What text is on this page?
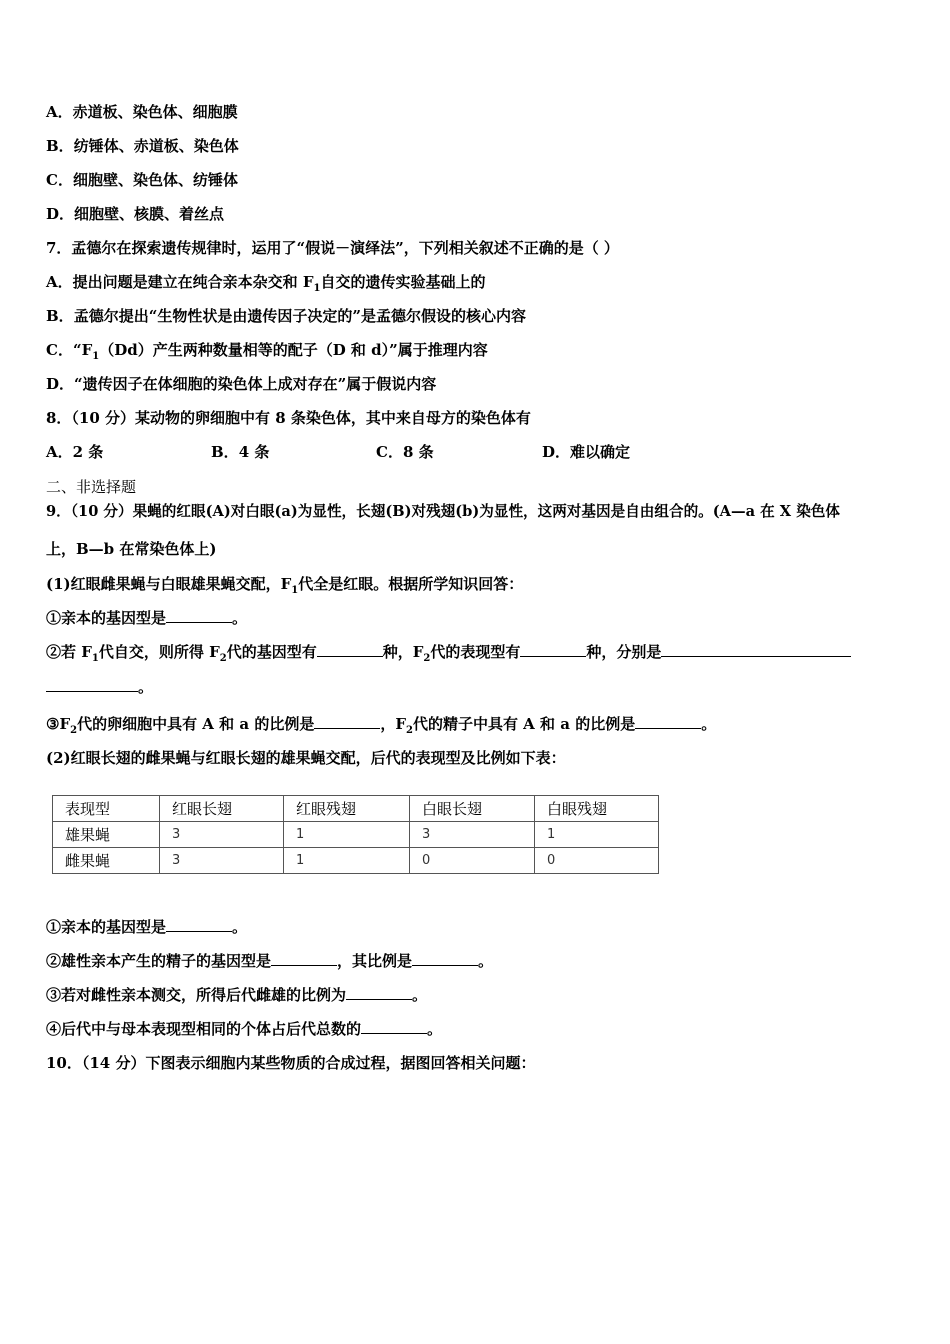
A．赤道板、染色体、细胞膜
B．纺锤体、赤道板、染色体
C．细胞壁、染色体、纺锤体
D．细胞壁、核膜、着丝点
7．孟德尔在探索遗传规律时，运用了“假说－演绎法”，下列相关叙述不正确的是（ ）
A．提出问题是建立在纯合亲本杂交和 $F_1$自交的遗传实验基础上的
B．孟德尔提出“生物性状是由遗传因子决定的”是孟德尔假设的核心内容
C．“$F_1(Dd)$产生两种数量相等的配子（D 和 d）”属于推理内容
D．“遗传因子在体细胞的染色体上成对存在”属于假说内容
8．（10 分）某动物的卵细胞中有 8 条染色体，其中来自母方的染色体有
A．2 条	B．4 条	C．8 条	D．难以确定
二、非选择题
9．（10 分）果蝇的红眼(A)对白眼(a)为显性，长翅(B)对残翅(b)为显性，这两对基因是自由组合的。(A—a 在 X 染色体
上，B—b 在常染色体上)
(1)红眼雌果蝇与白眼雄果蝇交配，$F_1$代全是红眼。根据所学知识回答：
①亲本的基因型是	。
②若 $F_1$代自交，则所得 $F_2$代的基因型有	种，$F_2$代的表现型有	种，分别是
。
$③F_2$代的卵细胞中具有 A 和 a 的比例是	，$F_2$代的精子中具有 A 和 a 的比例是	。
(2)红眼长翅的雌果蝇与红眼长翅的雄果蝇交配，后代的表现型及比例如下表：
表现型	红眼长翅	红眼残翅	白眼长翅	白眼残翅
雄果蝇	3	1	3	1
雌果蝇	3	1	0	0
①亲本的基因型是	。
②雄性亲本产生的精子的基因型是	，其比例是	。
③若对雌性亲本测交，所得后代雌雄的比例为	。
④后代中与母本表现型相同的个体占后代总数的	。
10．（14 分）下图表示细胞内某些物质的合成过程，据图回答相关问题：
